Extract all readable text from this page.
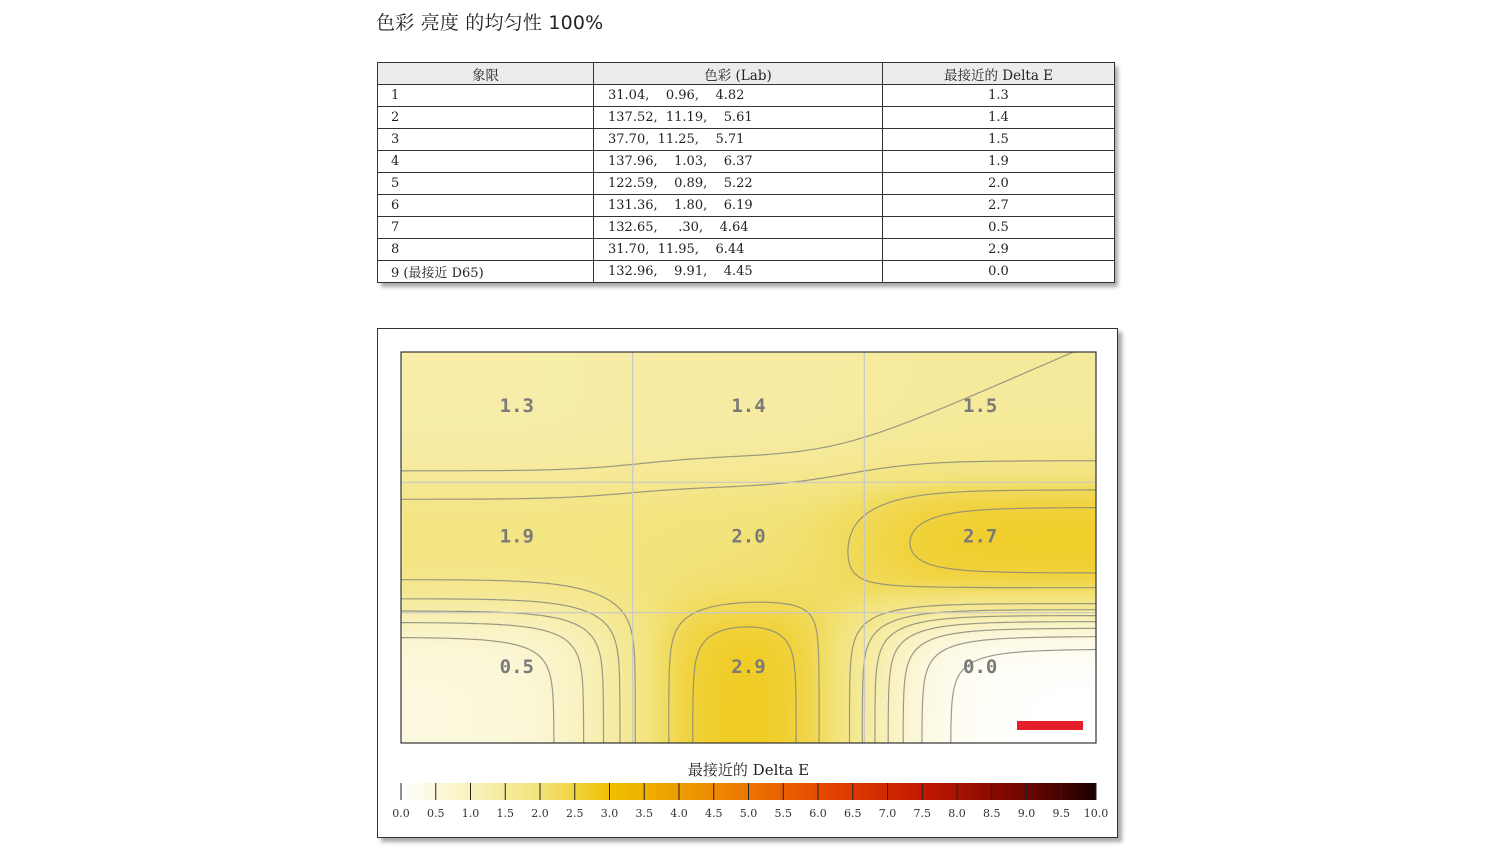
色彩 亮度 的均匀性 100%
象限	色彩 (Lab)	最接近的 Delta E
1	31.04,    0.96,    4.82	1.3
2	137.52,  11.19,    5.61	1.4
3	37.70,  11.25,    5.71	1.5
4	137.96,    1.03,    6.37	1.9
5	122.59,    0.89,    5.22	2.0
6	131.36,    1.80,    6.19	2.7
7	132.65,     .30,    4.64	0.5
8	31.70,  11.95,    6.44	2.9
9 (最接近 D65)	132.96,    9.91,    4.45	0.0
1.3	1.4	1.5
1.9	2.0	2.7
0.5	2.9	0.0
最接近的 Delta E
0.0 0.5 1.0 1.5 2.0 2.5 3.0 3.5 4.0 4.5 5.0 5.5 6.0 6.5 7.0 7.5 8.0 8.5 9.0 9.5 10.0
